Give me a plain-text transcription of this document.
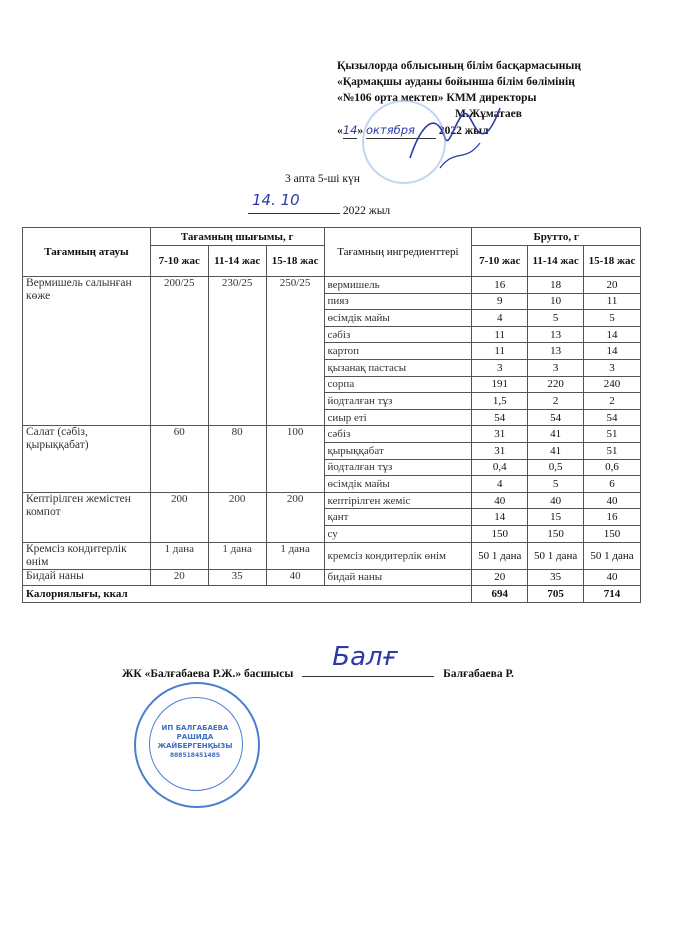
Қызылорда облысының білім басқармасының
«Қармақшы ауданы бойынша білім бөлімінің
«№106 орта мектеп» КММ директоры
М.Жұматаев
«14» октября 2022 жыл
3 апта 5-ші күн
14. 10
2022 жыл
Тағамның атауы	Тағамның шығымы, г			Тағамның ингредиенттері	Брутто, г		
	7-10 жас	11-14 жас	15-18 жас		7-10 жас	11-14 жас	15-18 жас
Вермишель салынған көже	200/25	230/25	250/25	вермишель	16	18	20
				пияз	9	10	11
				өсімдік майы	4	5	5
				сәбіз	11	13	14
				картоп	11	13	14
				қызанақ пастасы	3	3	3
				сорпа	191	220	240
				йодталған тұз	1,5	2	2
				сиыр еті	54	54	54
Салат (сәбіз, қырыққабат)	60	80	100	сәбіз	31	41	51
				қырыққабат	31	41	51
				йодталған тұз	0,4	0,5	0,6
				өсімдік майы	4	5	6
Кептірілген жемістен компот	200	200	200	кептірілген жеміс	40	40	40
				қант	14	15	16
				су	150	150	150
Кремсіз кондитерлік өнім	1 дана	1 дана	1 дана	кремсіз кондитерлік өнім	50 1 дана	50 1 дана	50 1 дана
Бидай наны	20	35	40	бидай наны	20	35	40
Калориялығы, ккал					694	705	714
ЖК «Балғабаева Р.Ж.» басшысы
Балғ
Балғабаева Р.
ИП БАЛГАБАЕВА
РАШИДА
ЖАЙБЕРГЕНҚЫЗЫ
888518451485
